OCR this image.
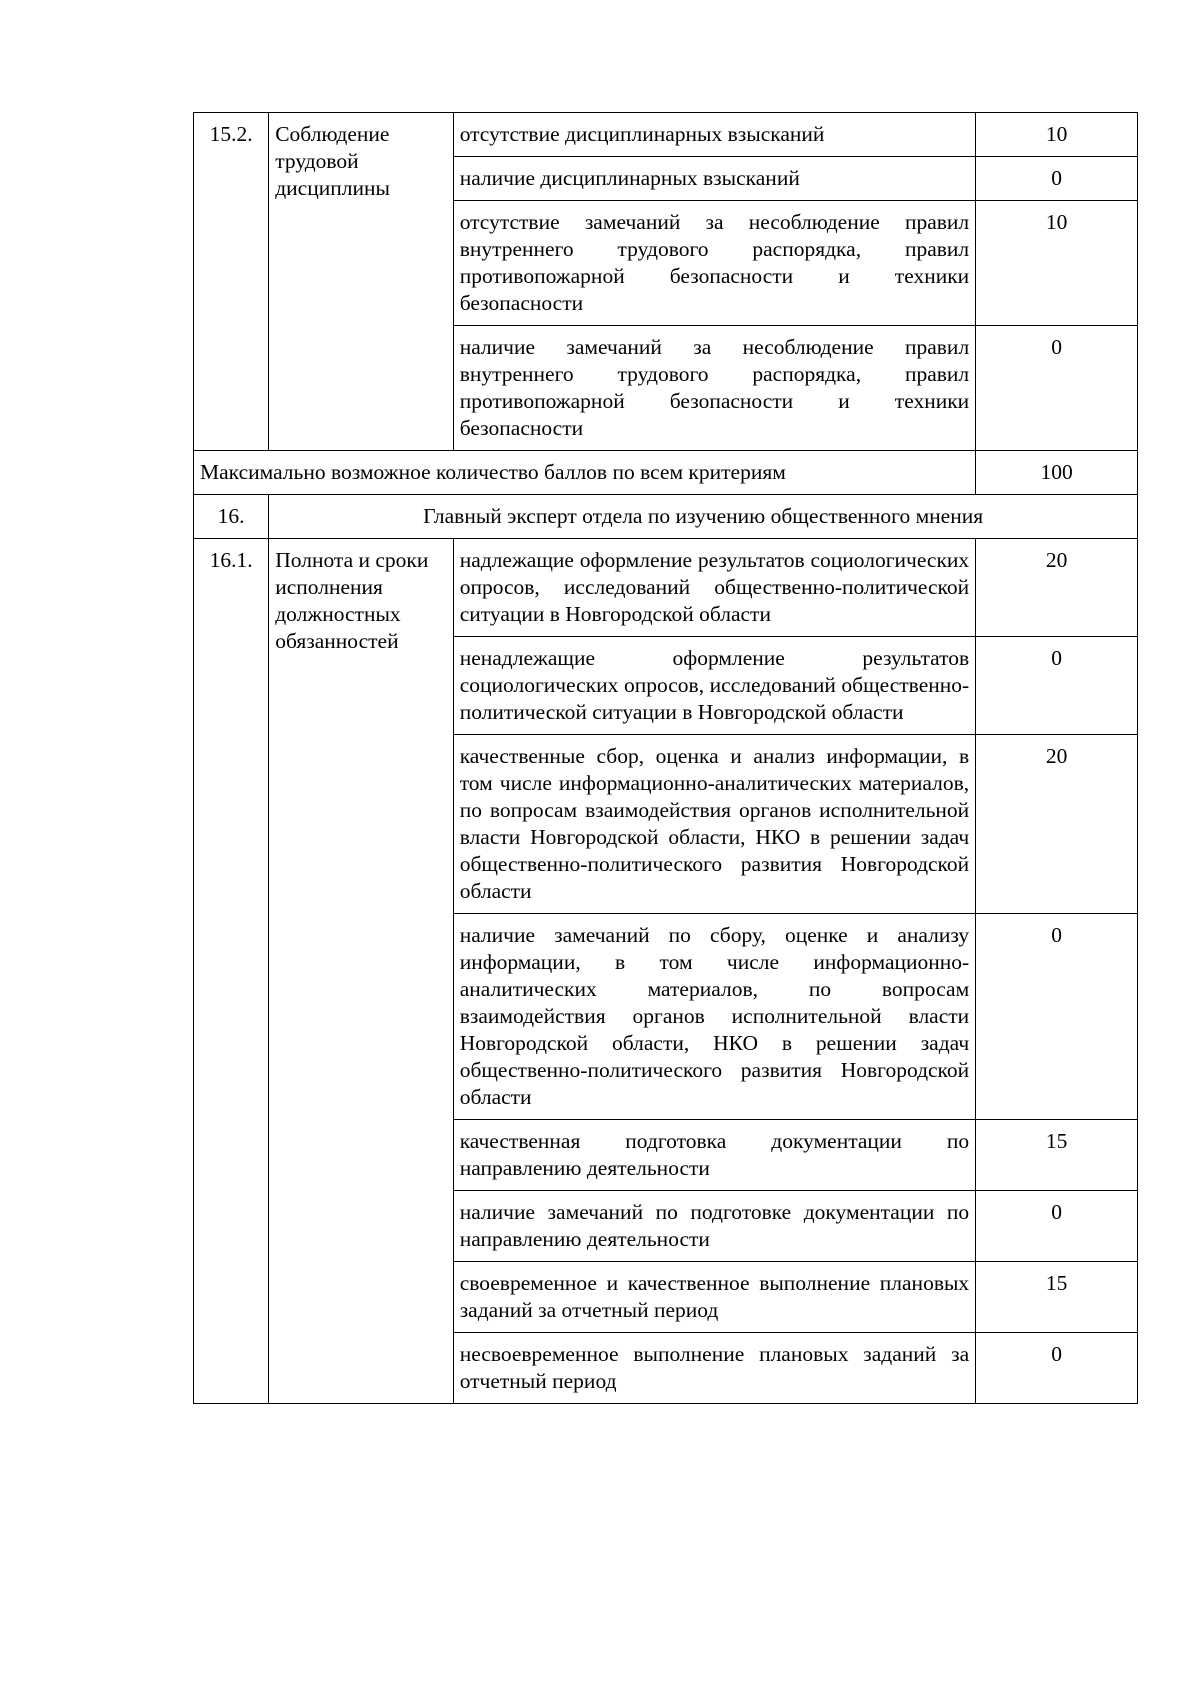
15.2.	Соблюдение трудовой дисциплины	отсутствие дисциплинарных взысканий	10
		наличие дисциплинарных взысканий	0
		отсутствие замечаний за несоблюдение правил внутреннего трудового распорядка, правил противопожарной безопасности и техники безопасности	10
		наличие замечаний за несоблюдение правил внутреннего трудового распорядка, правил противопожарной безопасности и техники безопасности	0
Максимально возможное количество баллов по всем критериям			100
16.	Главный эксперт отдела по изучению общественного мнения		
16.1.	Полнота и сроки исполнения должностных обязанностей	надлежащие оформление результатов социологических опросов, исследований общественно-политической ситуации в Новгородской области	20
		ненадлежащие оформление результатов социологических опросов, исследований общественно-политической ситуации в Новгородской области	0
		качественные сбор, оценка и анализ информации, в том числе информационно-аналитических материалов, по вопросам взаимодействия органов исполнительной власти Новгородской области, НКО в решении задач общественно-политического развития Новгородской области	20
		наличие замечаний по сбору, оценке и анализу информации, в том числе информационно-аналитических материалов, по вопросам взаимодействия органов исполнительной власти Новгородской области, НКО в решении задач общественно-политического развития Новгородской области	0
		качественная подготовка документации по направлению деятельности	15
		наличие замечаний по подготовке документации по направлению деятельности	0
		своевременное и качественное выполнение плановых заданий за отчетный период	15
		несвоевременное выполнение плановых заданий за отчетный период	0
